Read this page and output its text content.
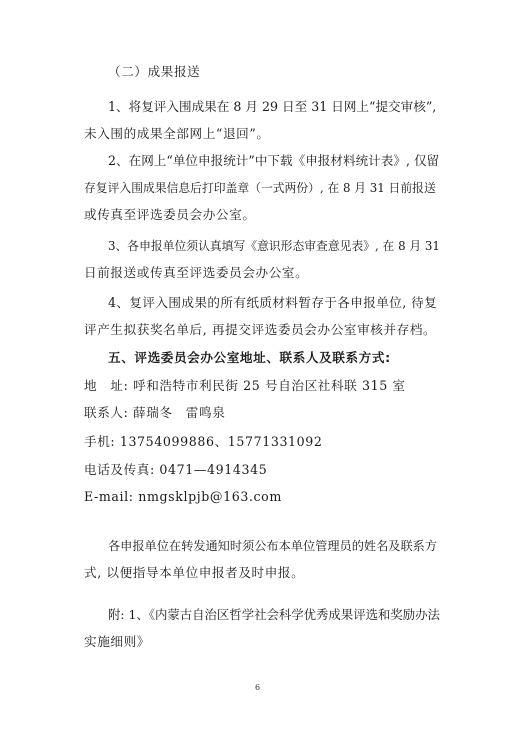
（二）成果报送
1、将复评入围成果在 8 月 29 日至 31 日网上“提交审核”,
未入围的成果全部网上“退回”。
2、在网上“单位申报统计”中下载《申报材料统计表》, 仅留
存复评入围成果信息后打印盖章（一式两份）, 在 8 月 31 日前报送
或传真至评选委员会办公室。
3、各申报单位须认真填写《意识形态审查意见表》, 在 8 月 31
日前报送或传真至评选委员会办公室。
4、复评入围成果的所有纸质材料暂存于各申报单位, 待复
评产生拟获奖名单后, 再提交评选委员会办公室审核并存档。
五、评选委员会办公室地址、联系人及联系方式:
地　址: 呼和浩特市利民街 25 号自治区社科联 315 室
联系人: 薛瑞冬　雷鸣泉
手机: 13754099886、15771331092
电话及传真: 0471—4914345
E-mail: nmgsklpjb@163.com
各申报单位在转发通知时须公布本单位管理员的姓名及联系方
式, 以便指导本单位申报者及时申报。
附: 1、《内蒙古自治区哲学社会科学优秀成果评选和奖励办法
实施细则》
6
